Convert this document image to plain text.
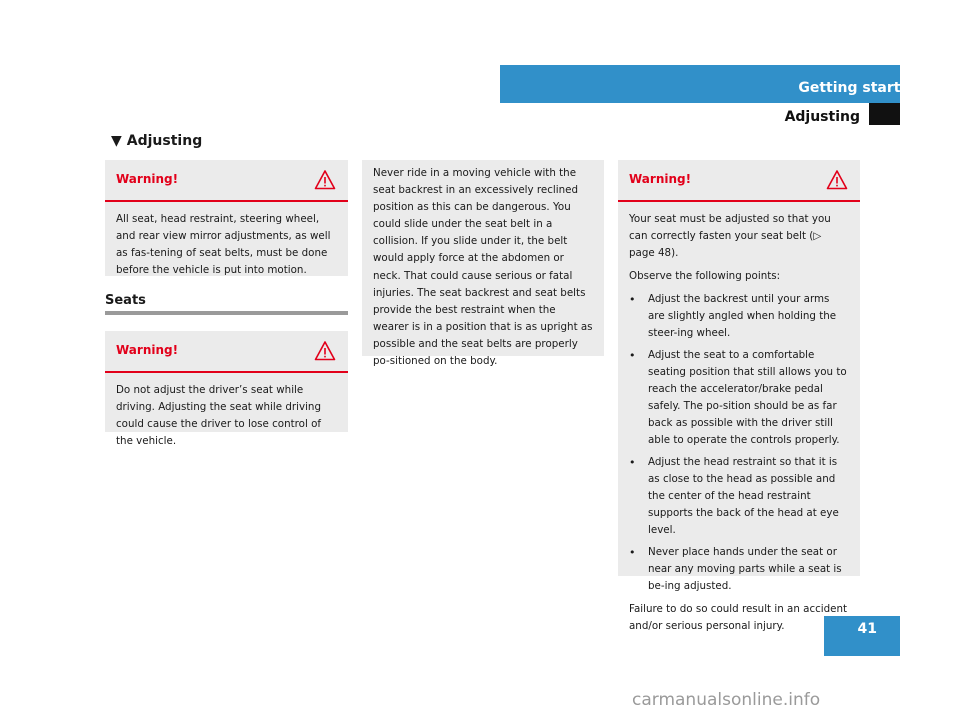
Getting started
Adjusting
▼ Adjusting
Warning!

All seat, head restraint, steering wheel, and rear view mirror adjustments, as well as fas-tening of seat belts, must be done before the vehicle is put into motion.

Seats
Warning!

Do not adjust the driver’s seat while driving. Adjusting the seat while driving could cause the driver to lose control of the vehicle.

Never ride in a moving vehicle with the seat backrest in an excessively reclined position as this can be dangerous. You could slide under the seat belt in a collision. If you slide under it, the belt would apply force at the abdomen or neck. That could cause serious or fatal injuries. The seat backrest and seat belts provide the best restraint when the wearer is in a position that is as upright as possible and the seat belts are properly po-sitioned on the body.

Warning!

Your seat must be adjusted so that you can correctly fasten your seat belt (▷ page 48).

Observe the following points:

• Adjust the backrest until your arms are slightly angled when holding the steer-ing wheel.
• Adjust the seat to a comfortable seating position that still allows you to reach the accelerator/brake pedal safely. The po-sition should be as far back as possible with the driver still able to operate the controls properly.
• Adjust the head restraint so that it is as close to the head as possible and the center of the head restraint supports the back of the head at eye level.
• Never place hands under the seat or near any moving parts while a seat is be-ing adjusted.

Failure to do so could result in an accident and/or serious personal injury.	41
carmanualsonline.info
